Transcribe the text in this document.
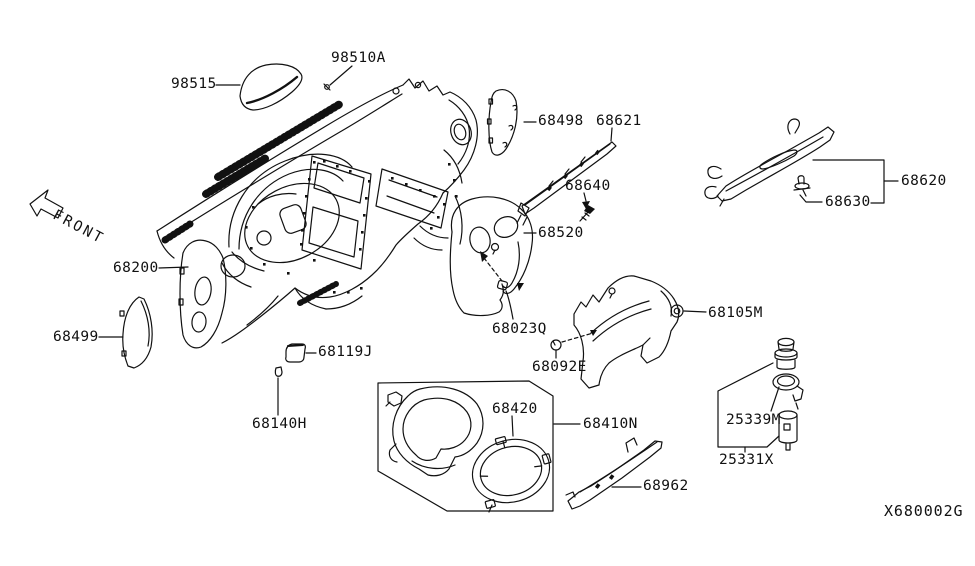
98515
98510A
68200
68499
68498 68621
68640
68520
68620
68630
68023Q
68092E
68105M
68119J
68140H	68410N
68420
68962
25339M
25331X
FRONT
X680002G
